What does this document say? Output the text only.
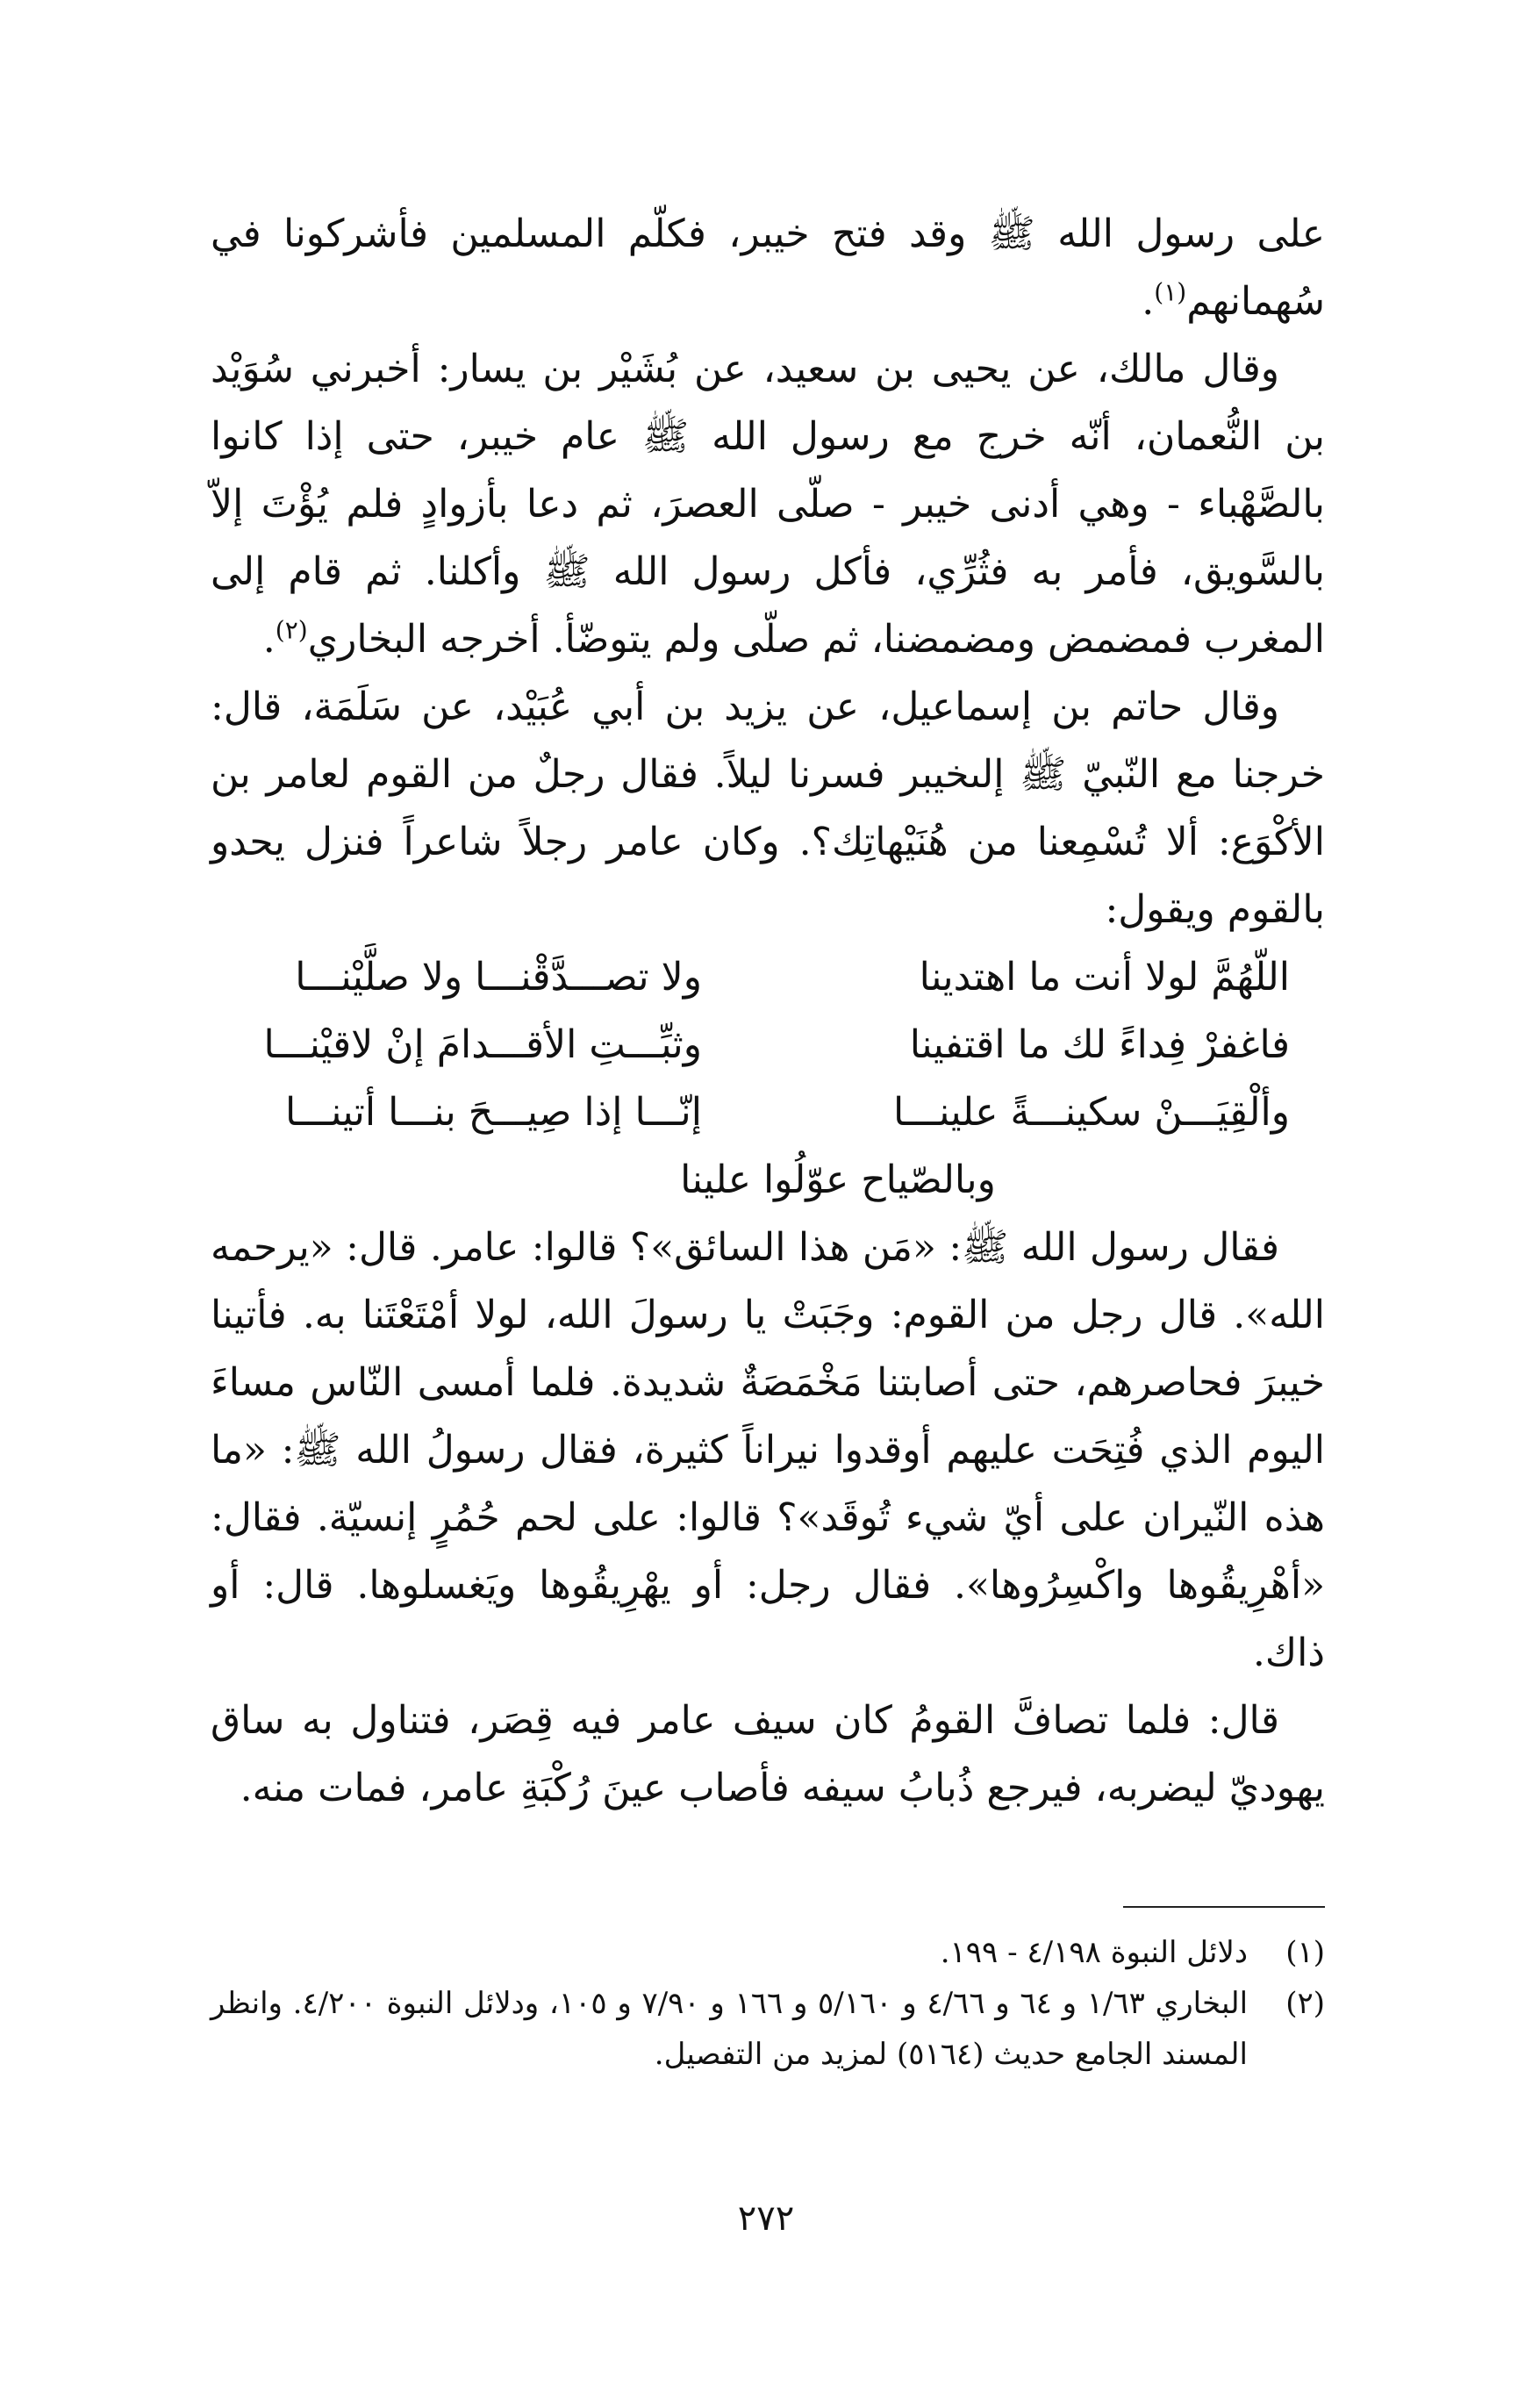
على رسول الله ﷺ وقد فتح خيبر، فكلّم المسلمين فأشركونا في سُهمانهم$^{(١)}$.

وقال مالك، عن يحيى بن سعيد، عن بُشَيْر بن يسار: أخبرني سُوَيْد بن النُّعمان، أنّه خرج مع رسول الله ﷺ عام خيبر، حتى إذا كانوا بالصَّهْباء - وهي أدنى خيبر - صلّى العصرَ، ثم دعا بأزوادٍ فلم يُؤْتَ إلاّ بالسَّويق، فأمر به فثُرِّي، فأكل رسول الله ﷺ وأكلنا. ثم قام إلى المغرب فمضمض ومضمضنا، ثم صلّى ولم يتوضّأ. أخرجه البخاري$^{(٢)}$.

وقال حاتم بن إسماعيل، عن يزيد بن أبي عُبَيْد، عن سَلَمَة، قال: خرجنا مع النّبيّ ﷺ إلىخيبر فسرنا ليلاً. فقال رجلٌ من القوم لعامر بن الأكْوَع: ألا تُسْمِعنا من هُنَيْهاتِك؟. وكان عامر رجلاً شاعراً فنزل يحدو بالقوم ويقول:

اللّهُمَّ لولا أنت ما اهتدينا
ولا تصـــدَّقْنـــا ولا صلَّيْنـــا
فاغفرْ فِداءً لك ما اقتفينا
وثبِّـــتِ الأقـــدامَ إنْ لاقيْنـــا
وألْقِيَـــنْ سكينـــةً علينـــا
إنّـــا إذا صِيـــحَ بنـــا أتينـــا
وبالصّياح عوّلُوا علينا

فقال رسول الله ﷺ: «مَن هذا السائق»؟ قالوا: عامر. قال: «يرحمه الله». قال رجل من القوم: وجَبَتْ يا رسولَ الله، لولا أمْتَعْتَنا به. فأتينا خيبرَ فحاصرهم، حتى أصابتنا مَخْمَصَةٌ شديدة. فلما أمسى النّاس مساءَ اليوم الذي فُتِحَت عليهم أوقدوا نيراناً كثيرة، فقال رسولُ الله ﷺ: «ما هذه النّيران على أيّ شيء تُوقَد»؟ قالوا: على لحم حُمُرٍ إنسيّة. فقال: «أهْرِيقُوها واكْسِرُوها». فقال رجل: أو يهْرِيقُوها ويَغسلوها. قال: أو ذاك.

قال: فلما تصافَّ القومُ كان سيف عامر فيه قِصَر، فتناول به ساق يهوديّ ليضربه، فيرجع ذُبابُ سيفه فأصاب عينَ رُكْبَةِ عامر، فمات منه.

(١)
دلائل النبوة ٤/١٩٨ - ١٩٩.
(٢)
البخاري ١/٦٣ و ٦٤ و ٤/٦٦ و ٥/١٦٠ و ١٦٦ و ٧/٩٠ و ١٠٥، ودلائل النبوة ٤/٢٠٠. وانظر المسند الجامع حديث (٥١٦٤) لمزيد من التفصيل.
٢٧٢
